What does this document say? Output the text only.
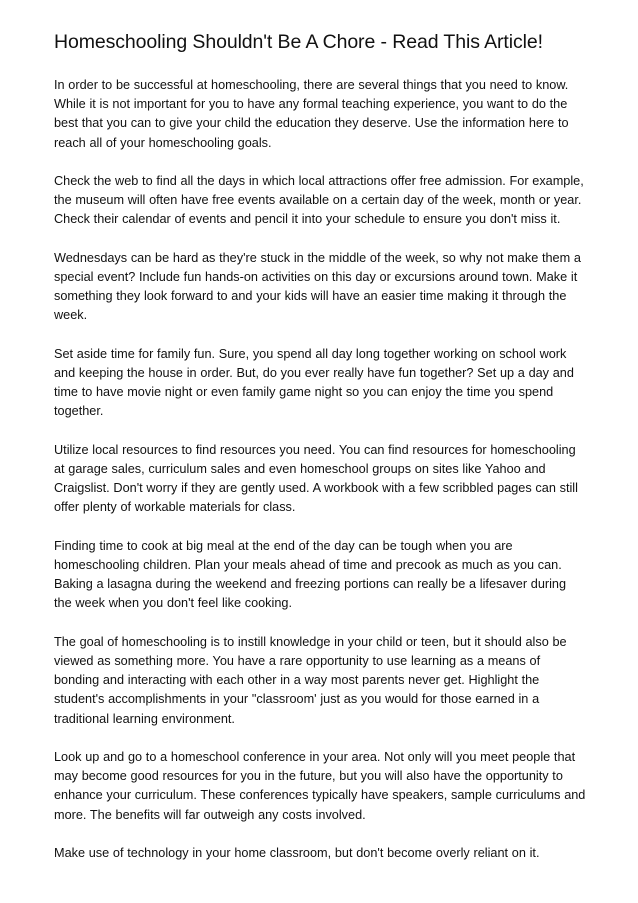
Homeschooling Shouldn't Be A Chore - Read This Article!

In order to be successful at homeschooling, there are several things that you need to know. While it is not important for you to have any formal teaching experience, you want to do the best that you can to give your child the education they deserve. Use the information here to reach all of your homeschooling goals.

Check the web to find all the days in which local attractions offer free admission. For example, the museum will often have free events available on a certain day of the week, month or year. Check their calendar of events and pencil it into your schedule to ensure you don't miss it.

Wednesdays can be hard as they're stuck in the middle of the week, so why not make them a special event? Include fun hands-on activities on this day or excursions around town. Make it something they look forward to and your kids will have an easier time making it through the week.

Set aside time for family fun. Sure, you spend all day long together working on school work and keeping the house in order. But, do you ever really have fun together? Set up a day and time to have movie night or even family game night so you can enjoy the time you spend together.

Utilize local resources to find resources you need. You can find resources for homeschooling at garage sales, curriculum sales and even homeschool groups on sites like Yahoo and Craigslist. Don't worry if they are gently used. A workbook with a few scribbled pages can still offer plenty of workable materials for class.

Finding time to cook at big meal at the end of the day can be tough when you are homeschooling children. Plan your meals ahead of time and precook as much as you can. Baking a lasagna during the weekend and freezing portions can really be a lifesaver during the week when you don't feel like cooking.

The goal of homeschooling is to instill knowledge in your child or teen, but it should also be viewed as something more. You have a rare opportunity to use learning as a means of bonding and interacting with each other in a way most parents never get. Highlight the student's accomplishments in your "classroom' just as you would for those earned in a traditional learning environment.

Look up and go to a homeschool conference in your area. Not only will you meet people that may become good resources for you in the future, but you will also have the opportunity to enhance your curriculum. These conferences typically have speakers, sample curriculums and more. The benefits will far outweigh any costs involved.

Make use of technology in your home classroom, but don't become overly reliant on it.
